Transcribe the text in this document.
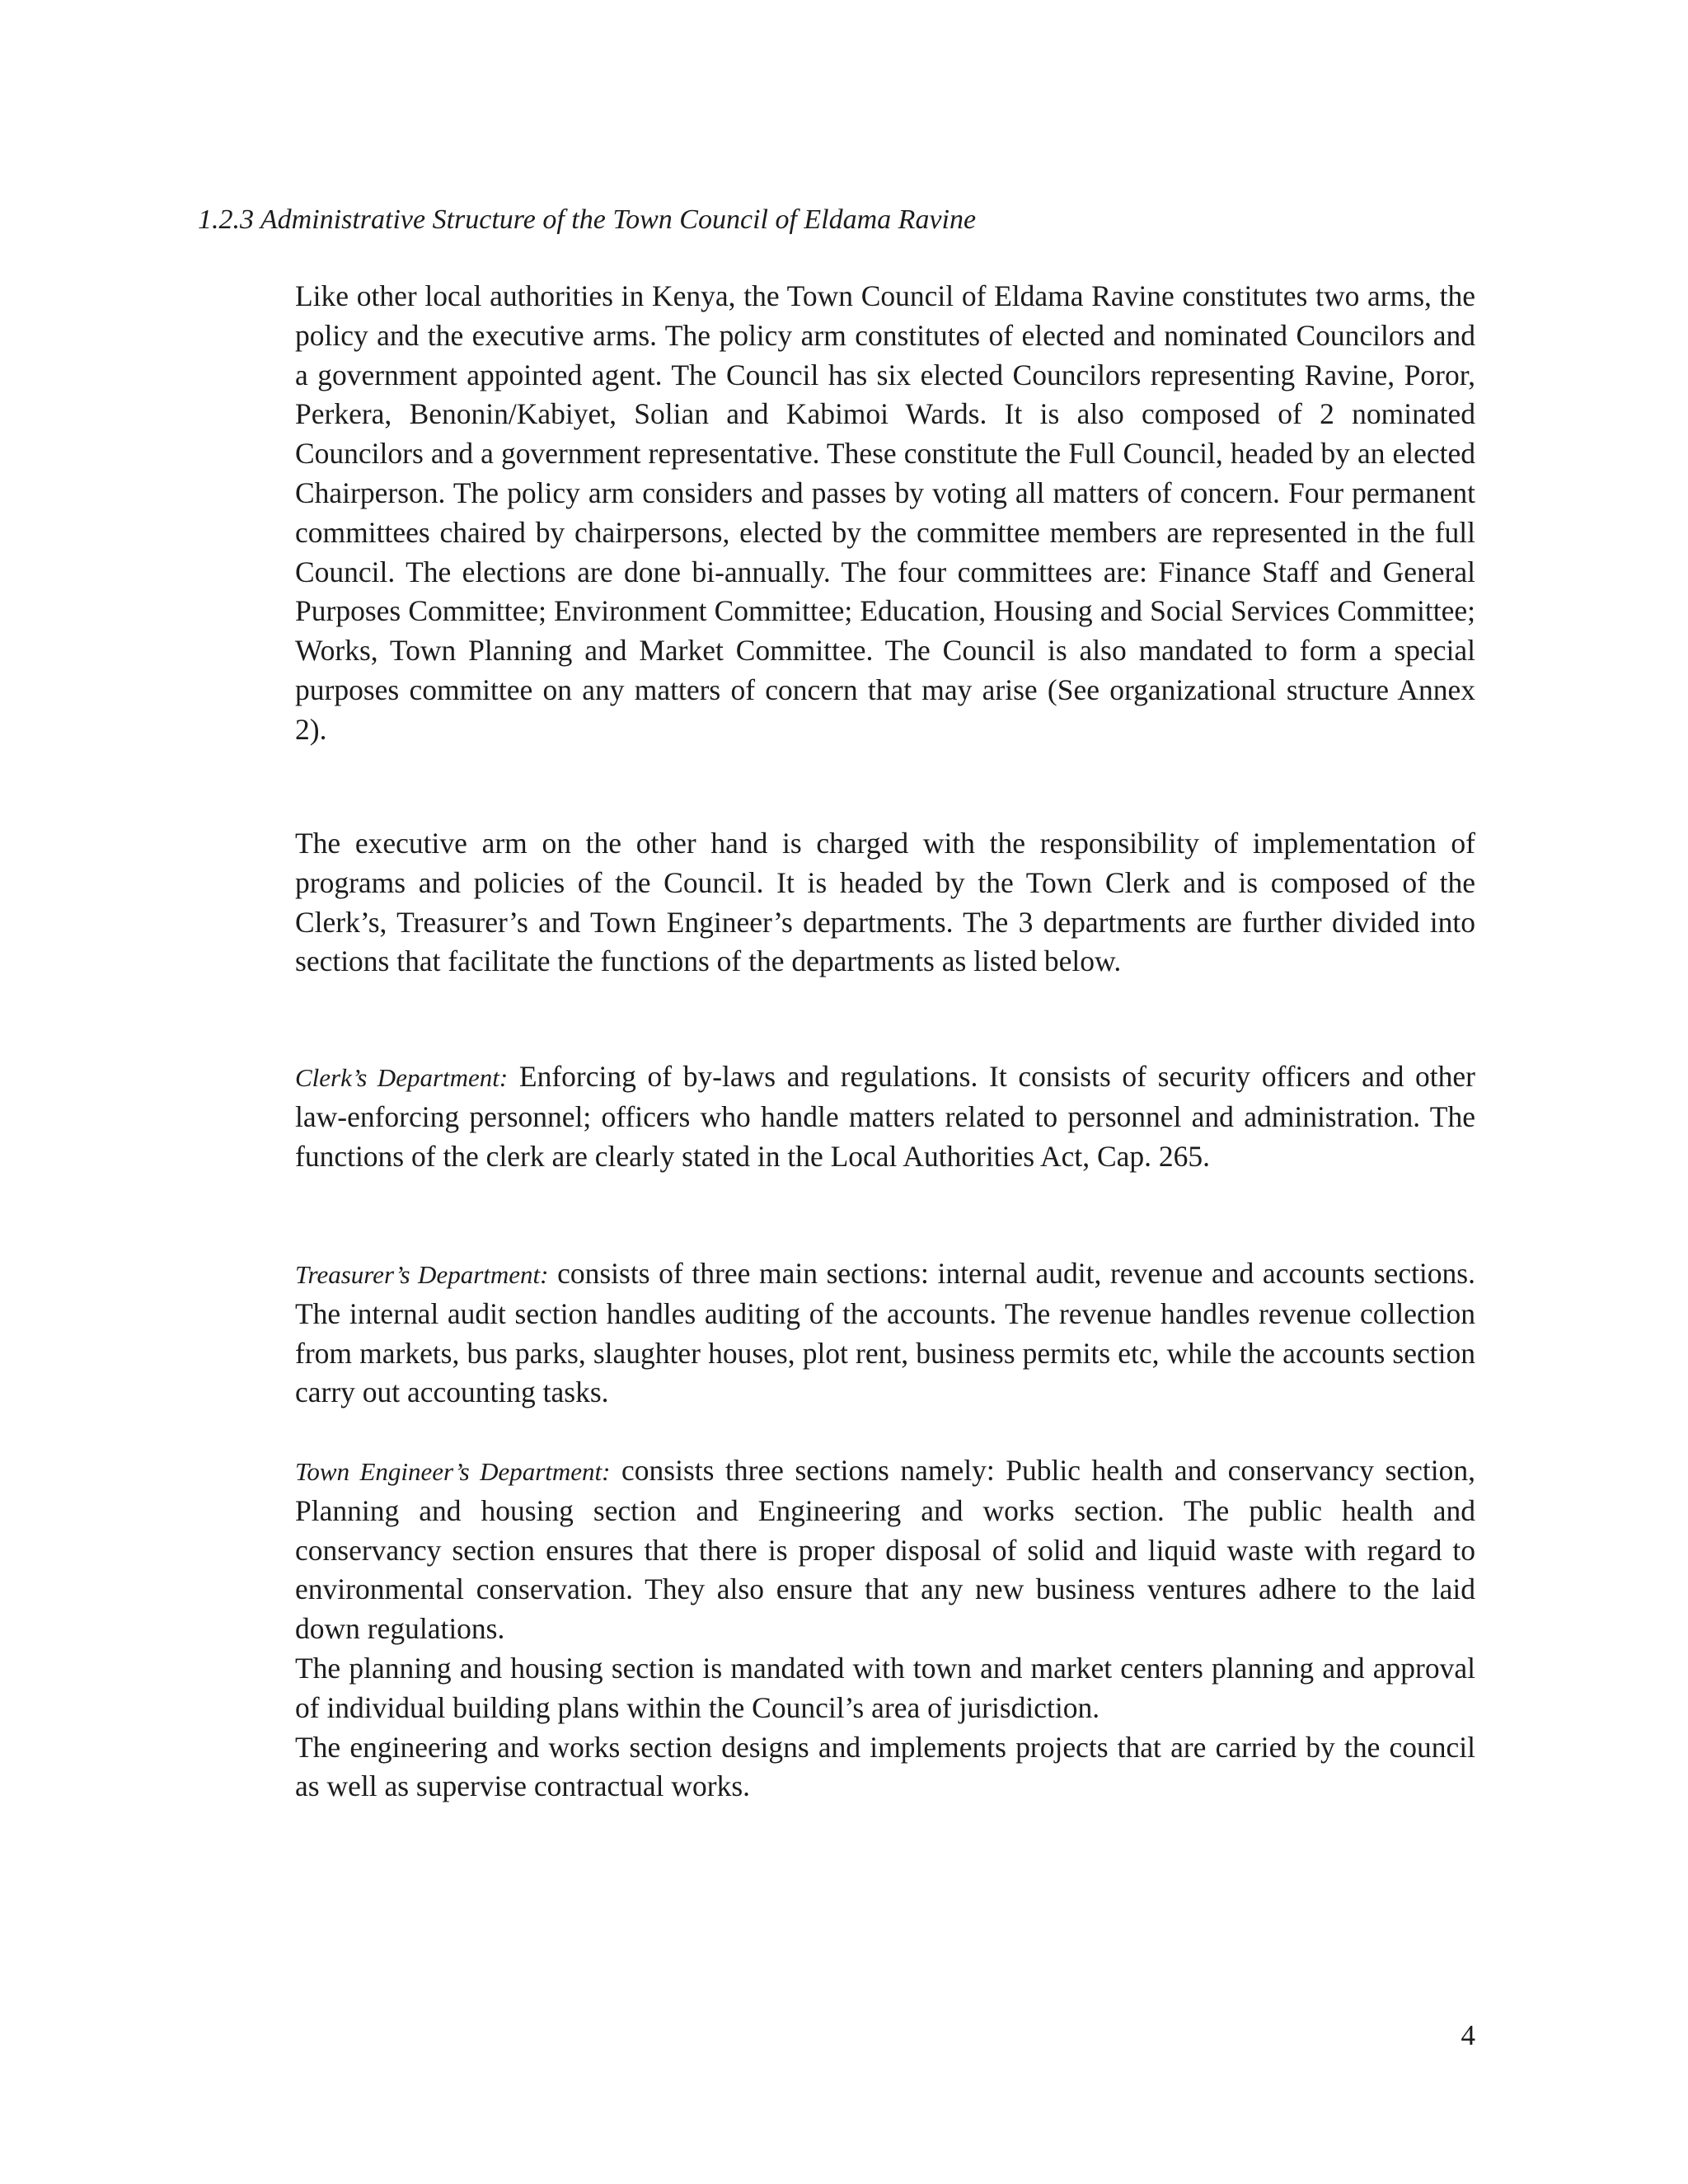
1.2.3 Administrative Structure of the Town Council of Eldama Ravine

Like other local authorities in Kenya, the Town Council of Eldama Ravine constitutes two arms, the policy and the executive arms. The policy arm constitutes of elected and nominated Councilors and a government appointed agent. The Council has six elected Councilors representing Ravine, Poror, Perkera, Benonin/Kabiyet, Solian and Kabimoi Wards. It is also composed of 2 nominated Councilors and a government representative. These constitute the Full Council, headed by an elected Chairperson. The policy arm considers and passes by voting all matters of concern. Four permanent committees chaired by chairpersons, elected by the committee members are represented in the full Council. The elections are done bi-annually. The four committees are: Finance Staff and General Purposes Committee; Environment Committee; Education, Housing and Social Services Committee; Works, Town Planning and Market Committee. The Council is also mandated to form a special purposes committee on any matters of concern that may arise (See organizational structure Annex 2).

The executive arm on the other hand is charged with the responsibility of implementation of programs and policies of the Council. It is headed by the Town Clerk and is composed of the Clerk’s, Treasurer’s and Town Engineer’s departments. The 3 departments are further divided into sections that facilitate the functions of the departments as listed below.

Clerk’s Department: Enforcing of by-laws and regulations. It consists of security officers and other law-enforcing personnel; officers who handle matters related to personnel and administration. The functions of the clerk are clearly stated in the Local Authorities Act, Cap. 265.

Treasurer’s Department: consists of three main sections: internal audit, revenue and accounts sections. The internal audit section handles auditing of the accounts. The revenue handles revenue collection from markets, bus parks, slaughter houses, plot rent, business permits etc, while the accounts section carry out accounting tasks.

Town Engineer’s Department: consists three sections namely: Public health and conservancy section, Planning and housing section and Engineering and works section. The public health and conservancy section ensures that there is proper disposal of solid and liquid waste with regard to environmental conservation. They also ensure that any new business ventures adhere to the laid down regulations.

The planning and housing section is mandated with town and market centers planning and approval of individual building plans within the Council’s area of jurisdiction.

The engineering and works section designs and implements projects that are carried by the council as well as supervise contractual works.

4
